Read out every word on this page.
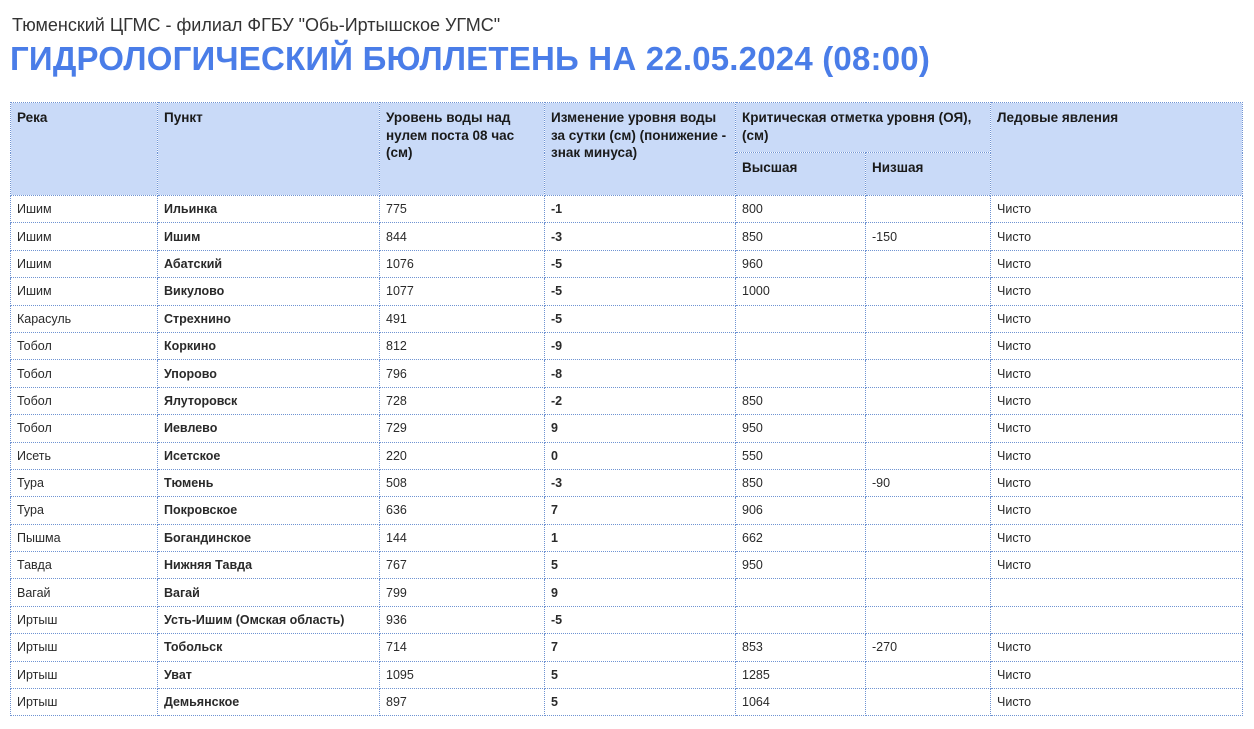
Тюменский ЦГМС - филиал ФГБУ "Обь-Иртышское УГМС"
ГИДРОЛОГИЧЕСКИЙ БЮЛЛЕТЕНЬ НА 22.05.2024 (08:00)
Река	Пункт	Уровень воды над нулем поста 08 час (см)	Изменение уровня воды за сутки (см) (понижение - знак минуса)	Критическая отметка уровня (ОЯ), (см)		Ледовые явления
				Высшая	Низшая	
Ишим	Ильинка	775	-1	800		Чисто
Ишим	Ишим	844	-3	850	-150	Чисто
Ишим	Абатский	1076	-5	960		Чисто
Ишим	Викулово	1077	-5	1000		Чисто
Карасуль	Стрехнино	491	-5			Чисто
Тобол	Коркино	812	-9			Чисто
Тобол	Упорово	796	-8			Чисто
Тобол	Ялуторовск	728	-2	850		Чисто
Тобол	Иевлево	729	9	950		Чисто
Исеть	Исетское	220	0	550		Чисто
Тура	Тюмень	508	-3	850	-90	Чисто
Тура	Покровское	636	7	906		Чисто
Пышма	Богандинское	144	1	662		Чисто
Тавда	Нижняя Тавда	767	5	950		Чисто
Вагай	Вагай	799	9			
Иртыш	Усть-Ишим (Омская область)	936	-5			
Иртыш	Тобольск	714	7	853	-270	Чисто
Иртыш	Уват	1095	5	1285		Чисто
Иртыш	Демьянское	897	5	1064		Чисто
